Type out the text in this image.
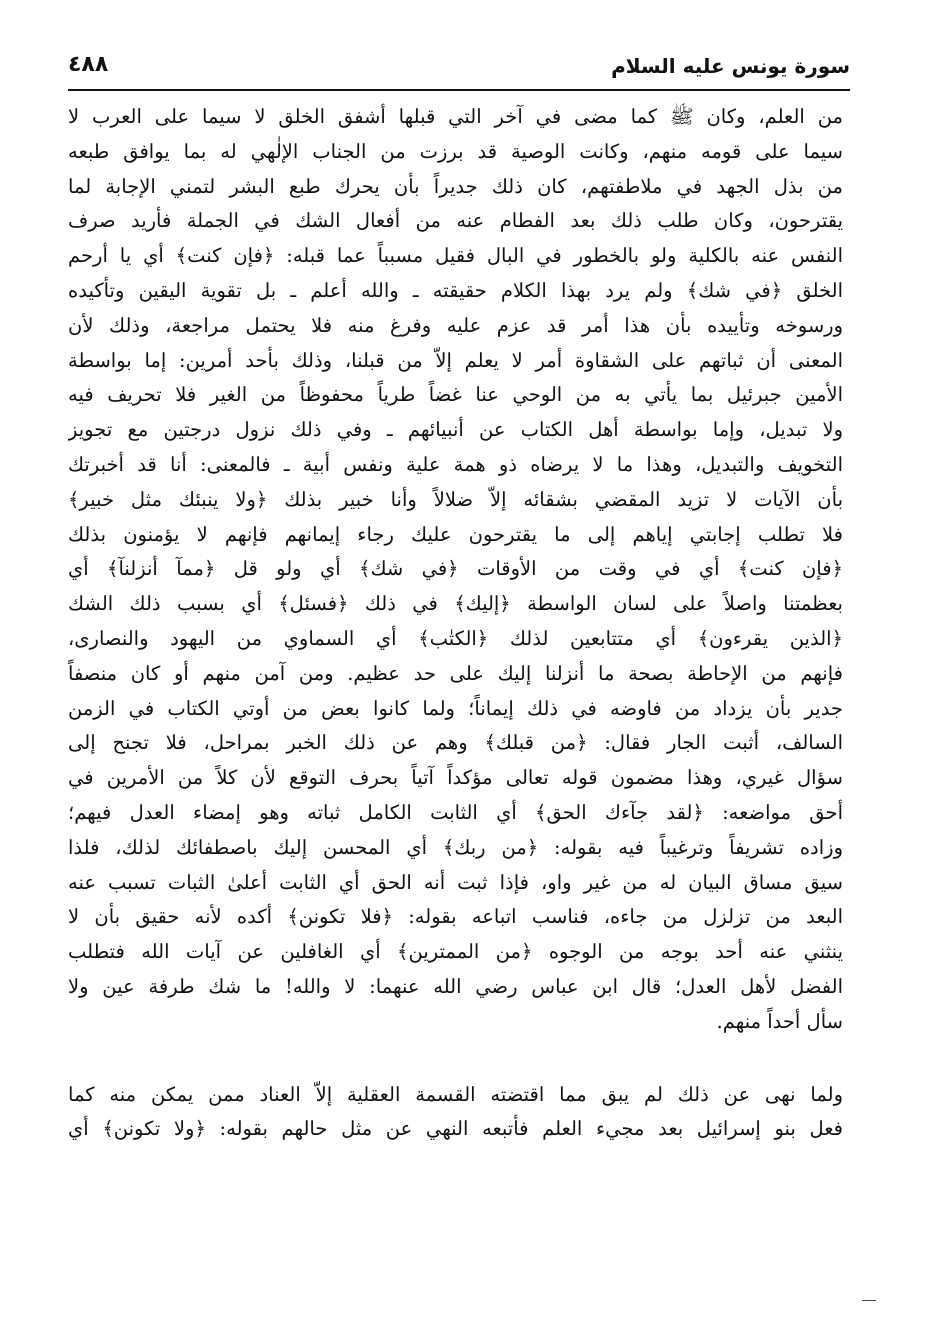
سورة يونس عليه السلام
٤٨٨
من العلم، وكان ﷺ كما مضى في آخر التي قبلها أشفق الخلق لا سيما على العرب لا
سيما على قومه منهم، وكانت الوصية قد برزت من الجناب الإلٰهي له بما يوافق طبعه
من بذل الجهد في ملاطفتهم، كان ذلك جديراً بأن يحرك طبع البشر لتمني الإجابة لما
يقترحون، وكان طلب ذلك بعد الفطام عنه من أفعال الشك في الجملة فأريد صرف
النفس عنه بالكلية ولو بالخطور في البال فقيل مسبباً عما قبله: ﴿فإن كنت﴾ أي يا أرحم
الخلق ﴿في شك﴾ ولم يرد بهذا الكلام حقيقته ـ والله أعلم ـ بل تقوية اليقين وتأكيده
ورسوخه وتأييده بأن هذا أمر قد عزم عليه وفرغ منه فلا يحتمل مراجعة، وذلك لأن
المعنى أن ثباتهم على الشقاوة أمر لا يعلم إلاّ من قبلنا، وذلك بأحد أمرين: إما بواسطة
الأمين جبرئيل بما يأتي به من الوحي عنا غضاً طرياً محفوظاً من الغير فلا تحريف فيه
ولا تبديل، وإما بواسطة أهل الكتاب عن أنبيائهم ـ وفي ذلك نزول درجتين مع تجويز
التخويف والتبديل، وهذا ما لا يرضاه ذو همة علية ونفس أبية ـ فالمعنى: أنا قد أخبرتك
بأن الآيات لا تزيد المقضي بشقائه إلاّ ضلالاً وأنا خبير بذلك ﴿ولا ينبئك مثل خبير﴾
فلا تطلب إجابتي إياهم إلى ما يقترحون عليك رجاء إيمانهم فإنهم لا يؤمنون بذلك
﴿فإن كنت﴾ أي في وقت من الأوقات ﴿في شك﴾ أي ولو قل ﴿ممآ أنزلنآ﴾ أي
بعظمتنا واصلاً على لسان الواسطة ﴿إليك﴾ في ذلك ﴿فسئل﴾ أي بسبب ذلك الشك
﴿الذين يقرءون﴾ أي متتابعين لذلك ﴿الكتٰب﴾ أي السماوي من اليهود والنصارى،
فإنهم من الإحاطة بصحة ما أنزلنا إليك على حد عظيم. ومن آمن منهم أو كان منصفاً
جدير بأن يزداد من فاوضه في ذلك إيماناً؛ ولما كانوا بعض من أوتي الكتاب في الزمن
السالف، أثبت الجار فقال: ﴿من قبلك﴾ وهم عن ذلك الخبر بمراحل، فلا تجنح إلى
سؤال غيري، وهذا مضمون قوله تعالى مؤكداً آتياً بحرف التوقع لأن كلاً من الأمرين في
أحق مواضعه: ﴿لقد جآءك الحق﴾ أي الثابت الكامل ثباته وهو إمضاء العدل فيهم؛
وزاده تشريفاً وترغيباً فيه بقوله: ﴿من ربك﴾ أي المحسن إليك باصطفائك لذلك، فلذا
سيق مساق البيان له من غير واو، فإذا ثبت أنه الحق أي الثابت أعلىٰ الثبات تسبب عنه
البعد من تزلزل من جاءه، فناسب اتباعه بقوله: ﴿فلا تكونن﴾ أكده لأنه حقيق بأن لا
ينثني عنه أحد بوجه من الوجوه ﴿من الممترين﴾ أي الغافلين عن آيات الله فتطلب
الفضل لأهل العدل؛ قال ابن عباس رضي الله عنهما: لا والله! ما شك طرفة عين ولا
سأل أحداً منهم.
ولما نهى عن ذلك لم يبق مما اقتضته القسمة العقلية إلاّ العناد ممن يمكن منه كما
فعل بنو إسرائيل بعد مجيء العلم فأتبعه النهي عن مثل حالهم بقوله: ﴿ولا تكونن﴾ أي
